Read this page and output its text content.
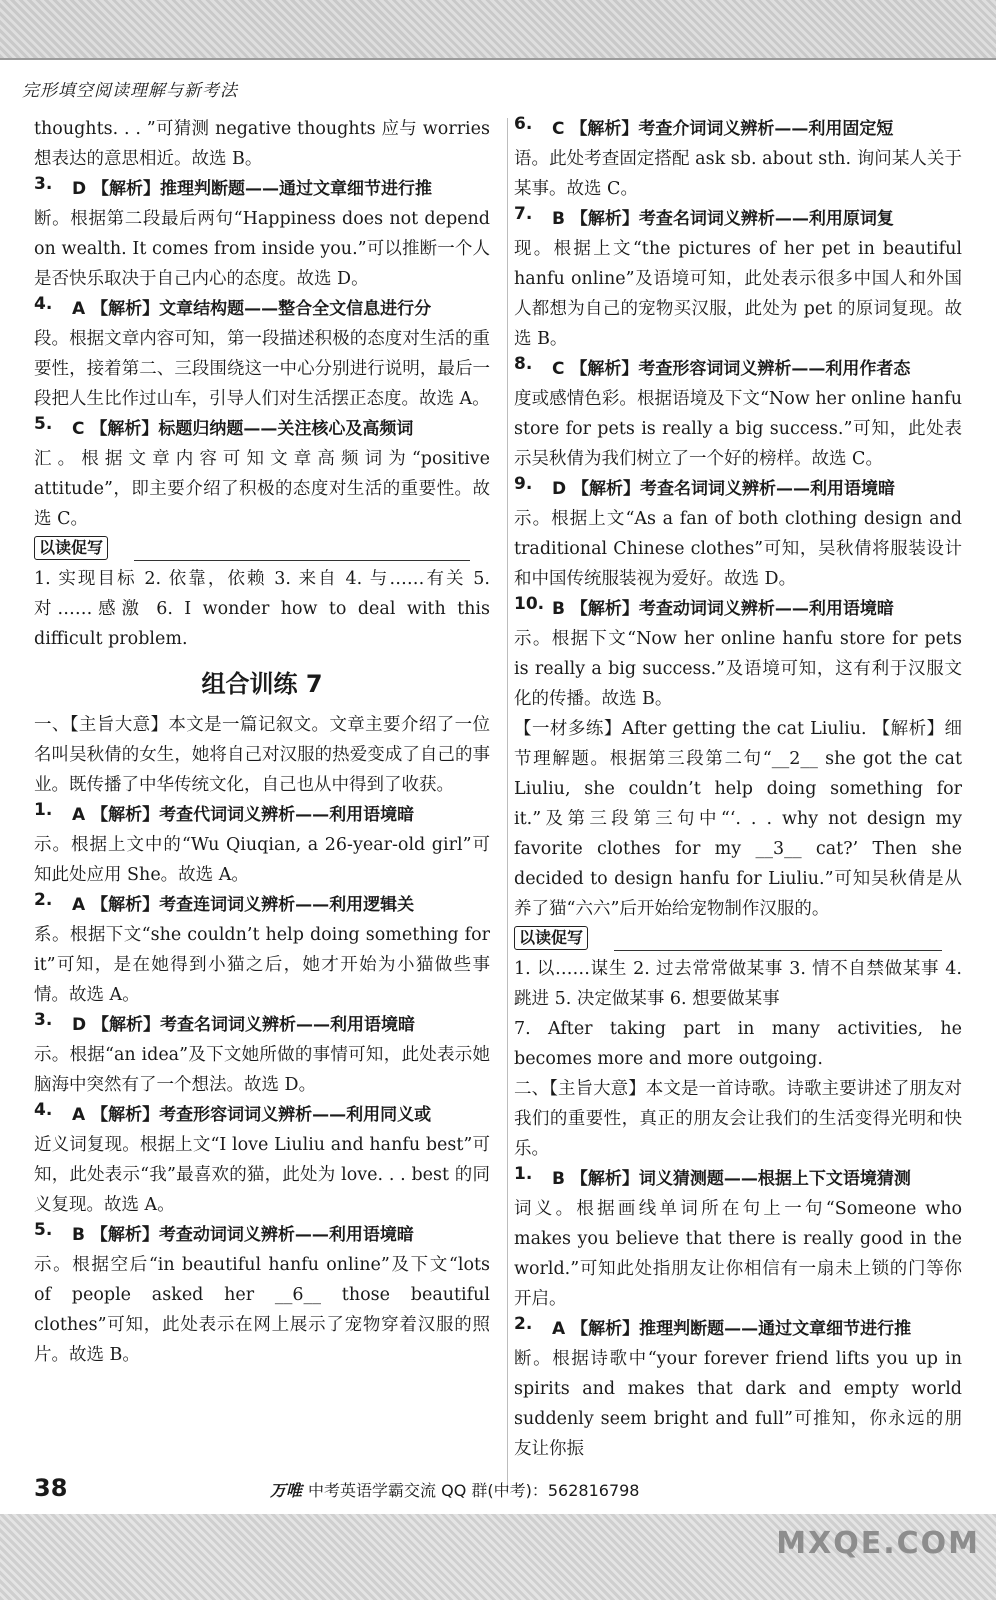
完形填空阅读理解与新考法

thoughts. . . ”可猜测 negative thoughts 应与 worries 想表达的意思相近。故选 B。

3.	D 【解析】推理判断题——通过文章细节进行推

断。根据第二段最后两句“Happiness does not depend on wealth. It comes from inside you.”可以推断一个人是否快乐取决于自己内心的态度。故选 D。

4.	A 【解析】文章结构题——整合全文信息进行分

段。根据文章内容可知，第一段描述积极的态度对生活的重要性，接着第二、三段围绕这一中心分别进行说明，最后一段把人生比作过山车，引导人们对生活摆正态度。故选 A。

5.	C 【解析】标题归纳题——关注核心及高频词

汇。根据文章内容可知文章高频词为“positive attitude”，即主要介绍了积极的态度对生活的重要性。故选 C。

以读促写

1. 实现目标 2. 依靠，依赖 3. 来自 4. 与……有关 5. 对……感激 6. I wonder how to deal with this difficult problem.

组合训练 7

一、【主旨大意】本文是一篇记叙文。文章主要介绍了一位名叫吴秋倩的女生，她将自己对汉服的热爱变成了自己的事业。既传播了中华传统文化，自己也从中得到了收获。

1.	A 【解析】考查代词词义辨析——利用语境暗

示。根据上文中的“Wu Qiuqian, a 26-year-old girl”可知此处应用 She。故选 A。

2.	A 【解析】考查连词词义辨析——利用逻辑关

系。根据下文“she couldn’t help doing something for it”可知，是在她得到小猫之后，她才开始为小猫做些事情。故选 A。

3.	D 【解析】考查名词词义辨析——利用语境暗

示。根据“an idea”及下文她所做的事情可知，此处表示她脑海中突然有了一个想法。故选 D。

4.	A 【解析】考查形容词词义辨析——利用同义或

近义词复现。根据上文“I love Liuliu and hanfu best”可知，此处表示“我”最喜欢的猫，此处为 love. . . best 的同义复现。故选 A。

5.	B 【解析】考查动词词义辨析——利用语境暗

示。根据空后“in beautiful hanfu online”及下文“lots of people asked her __6__ those beautiful clothes”可知，此处表示在网上展示了宠物穿着汉服的照片。故选 B。

6.	C 【解析】考查介词词义辨析——利用固定短

语。此处考查固定搭配 ask sb. about sth. 询问某人关于某事。故选 C。

7.	B 【解析】考查名词词义辨析——利用原词复

现。根据上文“the pictures of her pet in beautiful hanfu online”及语境可知，此处表示很多中国人和外国人都想为自己的宠物买汉服，此处为 pet 的原词复现。故选 B。

8.	C 【解析】考查形容词词义辨析——利用作者态

度或感情色彩。根据语境及下文“Now her online hanfu store for pets is really a big success.”可知，此处表示吴秋倩为我们树立了一个好的榜样。故选 C。

9.	D 【解析】考查名词词义辨析——利用语境暗

示。根据上文“As a fan of both clothing design and traditional Chinese clothes”可知，吴秋倩将服装设计和中国传统服装视为爱好。故选 D。

10. B 【解析】考查动词词义辨析——利用语境暗

示。根据下文“Now her online hanfu store for pets is really a big success.”及语境可知，这有利于汉服文化的传播。故选 B。

【一材多练】After getting the cat Liuliu. 【解析】细节理解题。根据第三段第二句“__2__ she got the cat Liuliu, she couldn’t help doing something for it.”及第三段第三句中“‘. . . why not design my favorite clothes for my __3__ cat?’ Then she decided to design hanfu for Liuliu.”可知吴秋倩是从养了猫“六六”后开始给宠物制作汉服的。

以读促写

1. 以……谋生 2. 过去常常做某事 3. 情不自禁做某事 4. 跳进 5. 决定做某事 6. 想要做某事

7. After taking part in many activities, he becomes more and more outgoing.

二、【主旨大意】本文是一首诗歌。诗歌主要讲述了朋友对我们的重要性，真正的朋友会让我们的生活变得光明和快乐。

1.	B 【解析】词义猜测题——根据上下文语境猜测

词义。根据画线单词所在句上一句“Someone who makes you believe that there is really good in the world.”可知此处指朋友让你相信有一扇未上锁的门等你开启。

2.	A 【解析】推理判断题——通过文章细节进行推

断。根据诗歌中“your forever friend lifts you up in spirits and makes that dark and empty world suddenly seem bright and full”可推知，你永远的朋友让你振

38	万唯 中考英语学霸交流 QQ 群(中考)：562816798
MXQE.COM
